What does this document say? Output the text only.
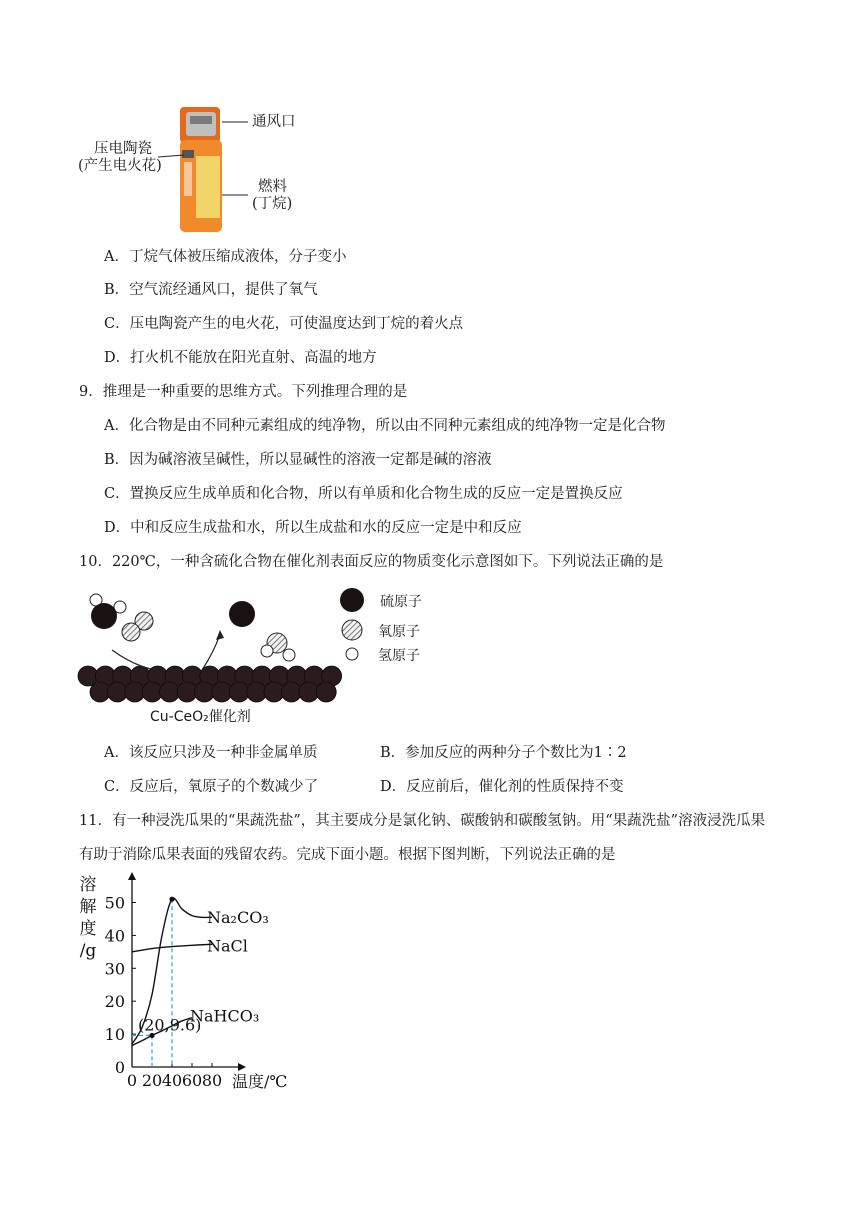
通风口
压电陶瓷
(产生电火花)
燃料
(丁烷)
A．丁烷气体被压缩成液体，分子变小
B．空气流经通风口，提供了氧气
C．压电陶瓷产生的电火花，可使温度达到丁烷的着火点
D．打火机不能放在阳光直射、高温的地方
9．推理是一种重要的思维方式。下列推理合理的是
A．化合物是由不同种元素组成的纯净物，所以由不同种元素组成的纯净物一定是化合物
B．因为碱溶液呈碱性，所以显碱性的溶液一定都是碱的溶液
C．置换反应生成单质和化合物，所以有单质和化合物生成的反应一定是置换反应
D．中和反应生成盐和水，所以生成盐和水的反应一定是中和反应
10．220℃，一种含硫化合物在催化剂表面反应的物质变化示意图如下。下列说法正确的是
硫原子
氧原子
氢原子
Cu-CeO₂催化剂
A．该反应只涉及一种非金属单质	B．参加反应的两种分子个数比为1∶2
C．反应后，氧原子的个数减少了	D．反应前后，催化剂的性质保持不变
11．有一种浸洗瓜果的“果蔬洗盐”，其主要成分是氯化钠、碳酸钠和碳酸氢钠。用“果蔬洗盐”溶液浸洗瓜果
有助于消除瓜果表面的残留农药。完成下面小题。根据下图判断，下列说法正确的是
0 20 40 60 80
0
10
20
30
40
50
溶
解
度
/g
温度/℃
Na₂CO₃
NaCl
NaHCO₃
(20,9.6)
